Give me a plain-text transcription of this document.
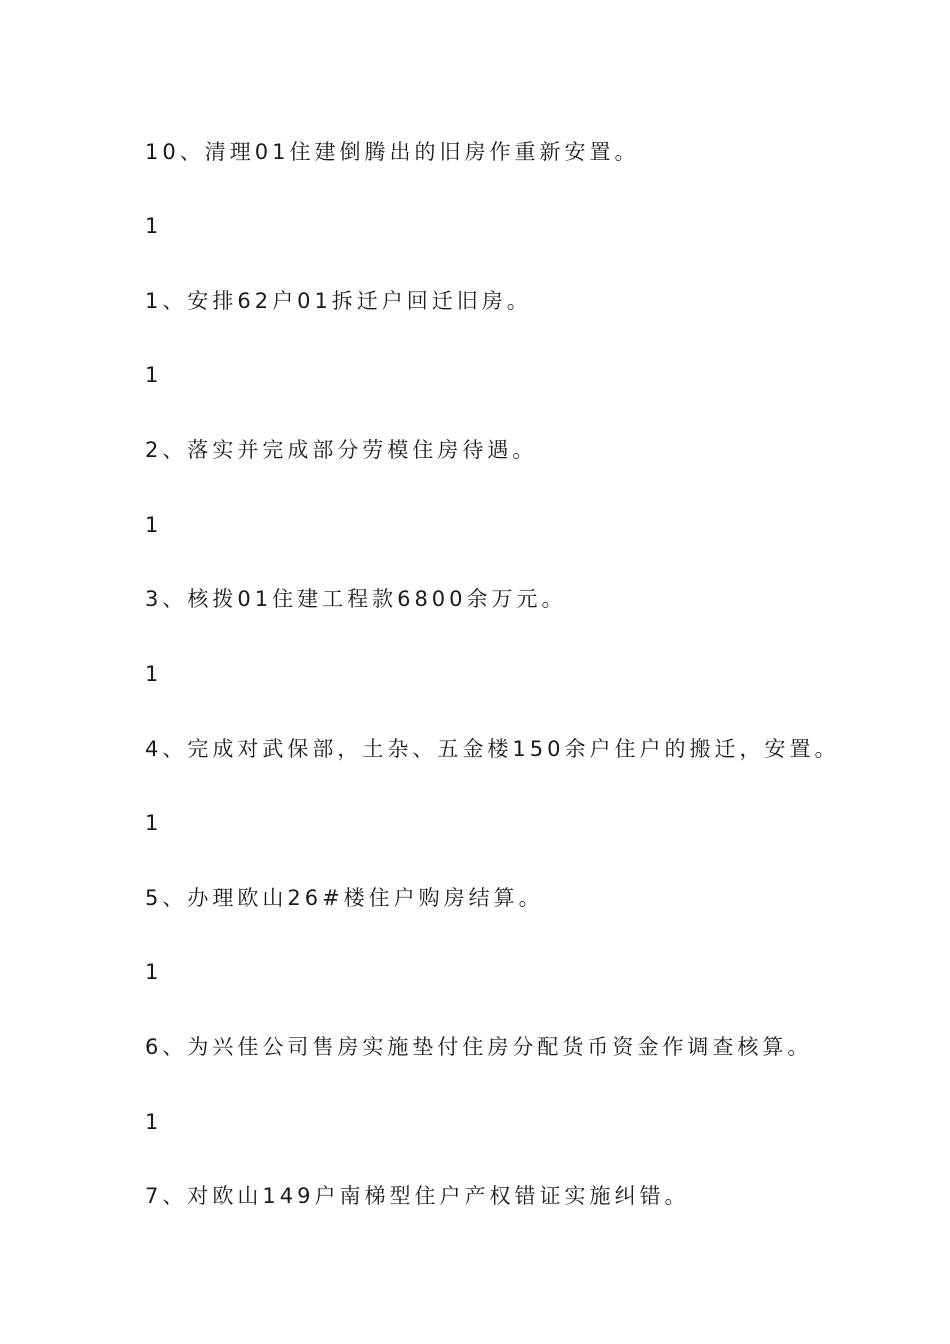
10、清理01住建倒腾出的旧房作重新安置。
1
1、安排62户01拆迁户回迁旧房。
1
2、落实并完成部分劳模住房待遇。
1
3、核拨01住建工程款6800余万元。
1
4、完成对武保部，土杂、五金楼150余户住户的搬迁，安置。
1
5、办理欧山26#楼住户购房结算。
1
6、为兴佳公司售房实施垫付住房分配货币资金作调查核算。
1
7、对欧山149户南梯型住户产权错证实施纠错。
